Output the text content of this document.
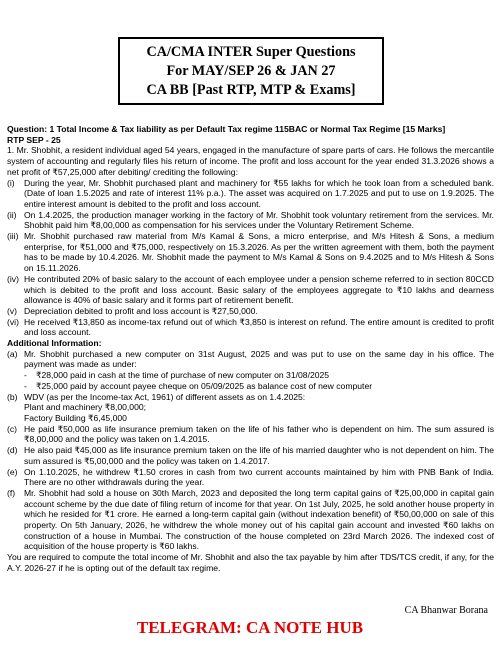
CA/CMA INTER Super Questions
For MAY/SEP 26 & JAN 27
CA BB [Past RTP, MTP & Exams]

Question: 1 Total Income & Tax liability as per Default Tax regime 115BAC or Normal Tax Regime [15 Marks]

RTP SEP - 25

1. Mr. Shobhit, a resident individual aged 54 years, engaged in the manufacture of spare parts of cars. He follows the mercantile system of accounting and regularly files his return of income. The profit and loss account for the year ended 31.3.2026 shows a net profit of ₹57,25,000 after debiting/ crediting the following:

(i)	During the year, Mr. Shobhit purchased plant and machinery for ₹55 lakhs for which he took loan from a scheduled bank. (Date of loan 1.5.2025 and rate of interest 11% p.a.). The asset was acquired on 1.7.2025 and put to use on 1.9.2025. The entire interest amount is debited to the profit and loss account.
(ii) On 1.4.2025, the production manager working in the factory of Mr. Shobhit took voluntary retirement from the services. Mr. Shobhit paid him ₹8,00,000 as compensation for his services under the Voluntary Retirement Scheme.
(iii) Mr. Shobhit purchased raw material from M/s Kamal & Sons, a micro enterprise, and M/s Hitesh & Sons, a medium enterprise, for ₹51,000 and ₹75,000, respectively on 15.3.2026. As per the written agreement with them, both the payment has to be made by 10.4.2026. Mr. Shobhit made the payment to M/s Kamal & Sons on 9.4.2025 and to M/s Hitesh & Sons on 15.11.2026.
(iv) He contributed 20% of basic salary to the account of each employee under a pension scheme referred to in section 80CCD which is debited to the profit and loss account. Basic salary of the employees aggregate to ₹10 lakhs and dearness allowance is 40% of basic salary and it forms part of retirement benefit.
(v) Depreciation debited to profit and loss account is ₹27,50,000.
(vi) He received ₹13,850 as income-tax refund out of which ₹3,850 is interest on refund. The entire amount is credited to profit and loss account.

Additional Information:

(a) Mr. Shobhit purchased a new computer on 31st August, 2025 and was put to use on the same day in his office. The payment was made as under:
-	₹28,000 paid in cash at the time of purchase of new computer on 31/08/2025
-	₹25,000 paid by account payee cheque on 05/09/2025 as balance cost of new computer
(b) WDV (as per the Income-tax Act, 1961) of different assets as on 1.4.2025:
Plant and machinery ₹8,00,000;
Factory Building ₹6,45,000
(c) He paid ₹50,000 as life insurance premium taken on the life of his father who is dependent on him. The sum assured is ₹8,00,000 and the policy was taken on 1.4.2015.
(d) He also paid ₹45,000 as life insurance premium taken on the life of his married daughter who is not dependent on him. The sum assured is ₹5,00,000 and the policy was taken on 1.4.2017.
(e) On 1.10.2025, he withdrew ₹1.50 crores in cash from two current accounts maintained by him with PNB Bank of India. There are no other withdrawals during the year.
(f)	Mr. Shobhit had sold a house on 30th March, 2023 and deposited the long term capital gains of ₹25,00,000 in capital gain account scheme by the due date of filing return of income for that year. On 1st July, 2025, he sold another house property in which he resided for ₹1 crore. He earned a long-term capital gain (without indexation benefit) of ₹50,00,000 on sale of this property. On 5th January, 2026, he withdrew the whole money out of his capital gain account and invested ₹60 lakhs on construction of a house in Mumbai. The construction of the house completed on 23rd March 2026. The indexed cost of acquisition of the house property is ₹60 lakhs.

You are required to compute the total income of Mr. Shobhit and also the tax payable by him after TDS/TCS credit, if any, for the A.Y. 2026-27 if he is opting out of the default tax regime.

CA Bhanwar Borana
TELEGRAM: CA NOTE HUB
